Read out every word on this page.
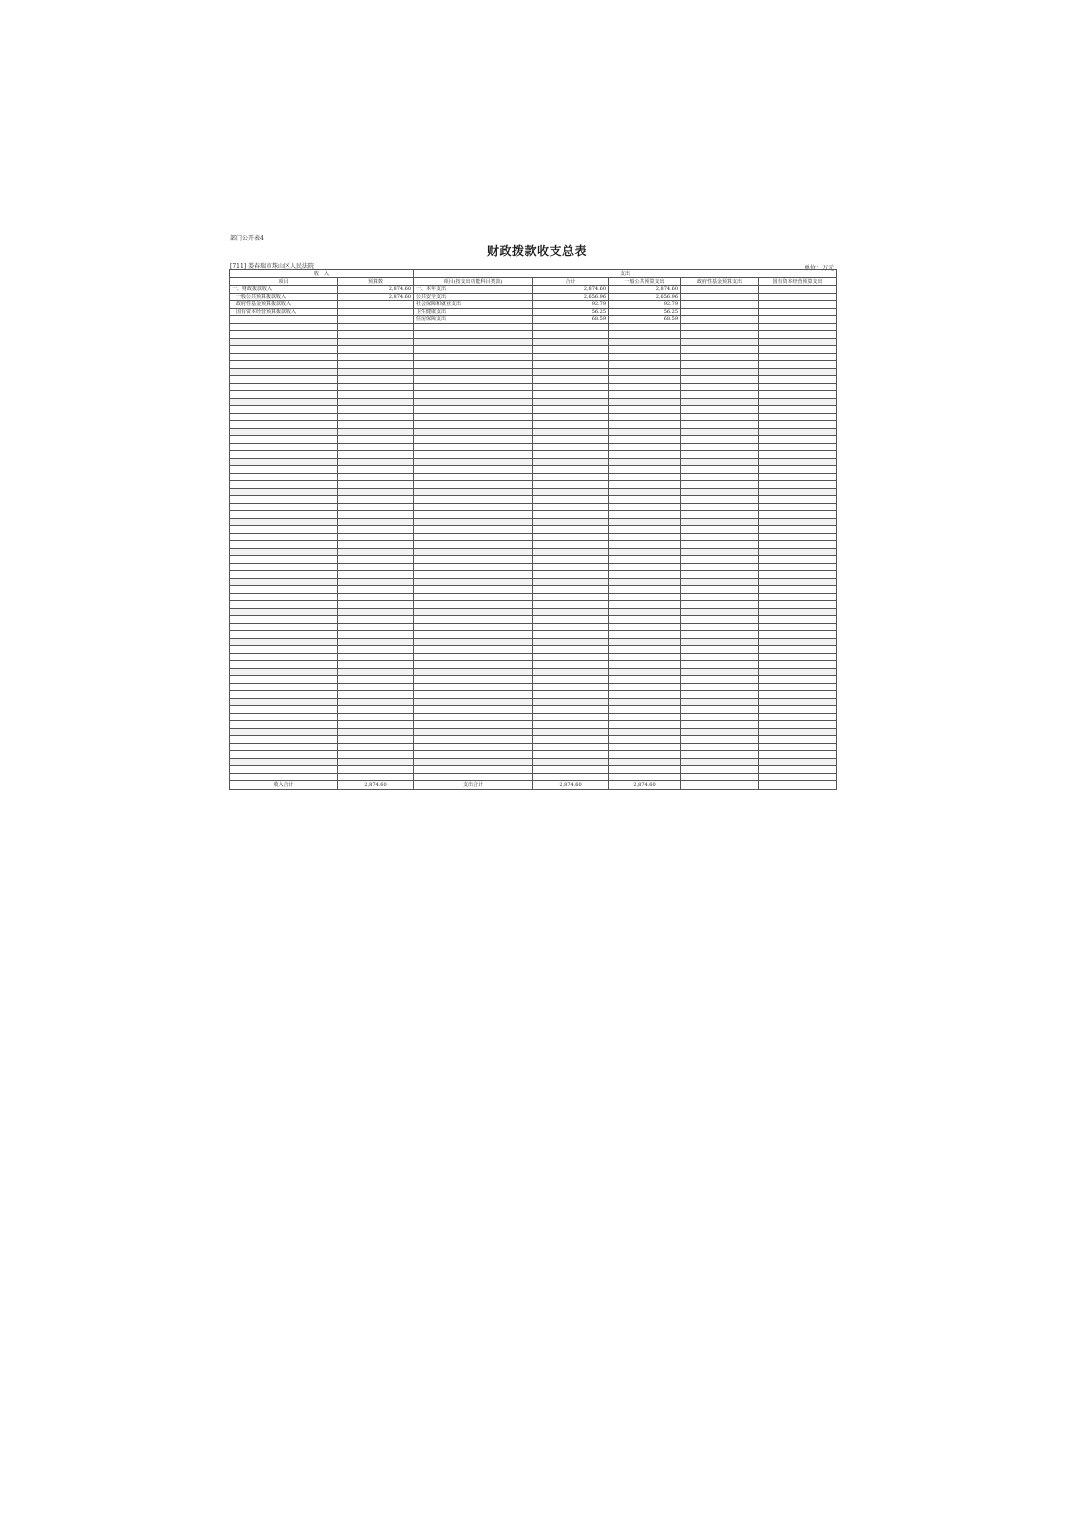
部门公开表4
财政拨款收支总表
[711] 娄春瑞市珠山区人民法院	单位：万元
收　入		支出				
项目	预算数	项目(按支出功能科目类款)	合计	一般公共预算支出	政府性基金预算支出	国有资本经营预算支出
一、财政拨款收入	2,874.60	一、本年支出	2,874.60	2,874.60		
一般公共预算拨款收入	2,874.60	公共安全支出	2,656.96	2,656.96		
政府性基金预算拨款收入		社会保障和就业支出	92.79	92.79		
国有资本经营预算拨款收入		卫生健康支出	56.25	56.25		
		住房保障支出	68.59	68.59		

收入合计	2,874.60	支出合计	2,874.60	2,874.60		
